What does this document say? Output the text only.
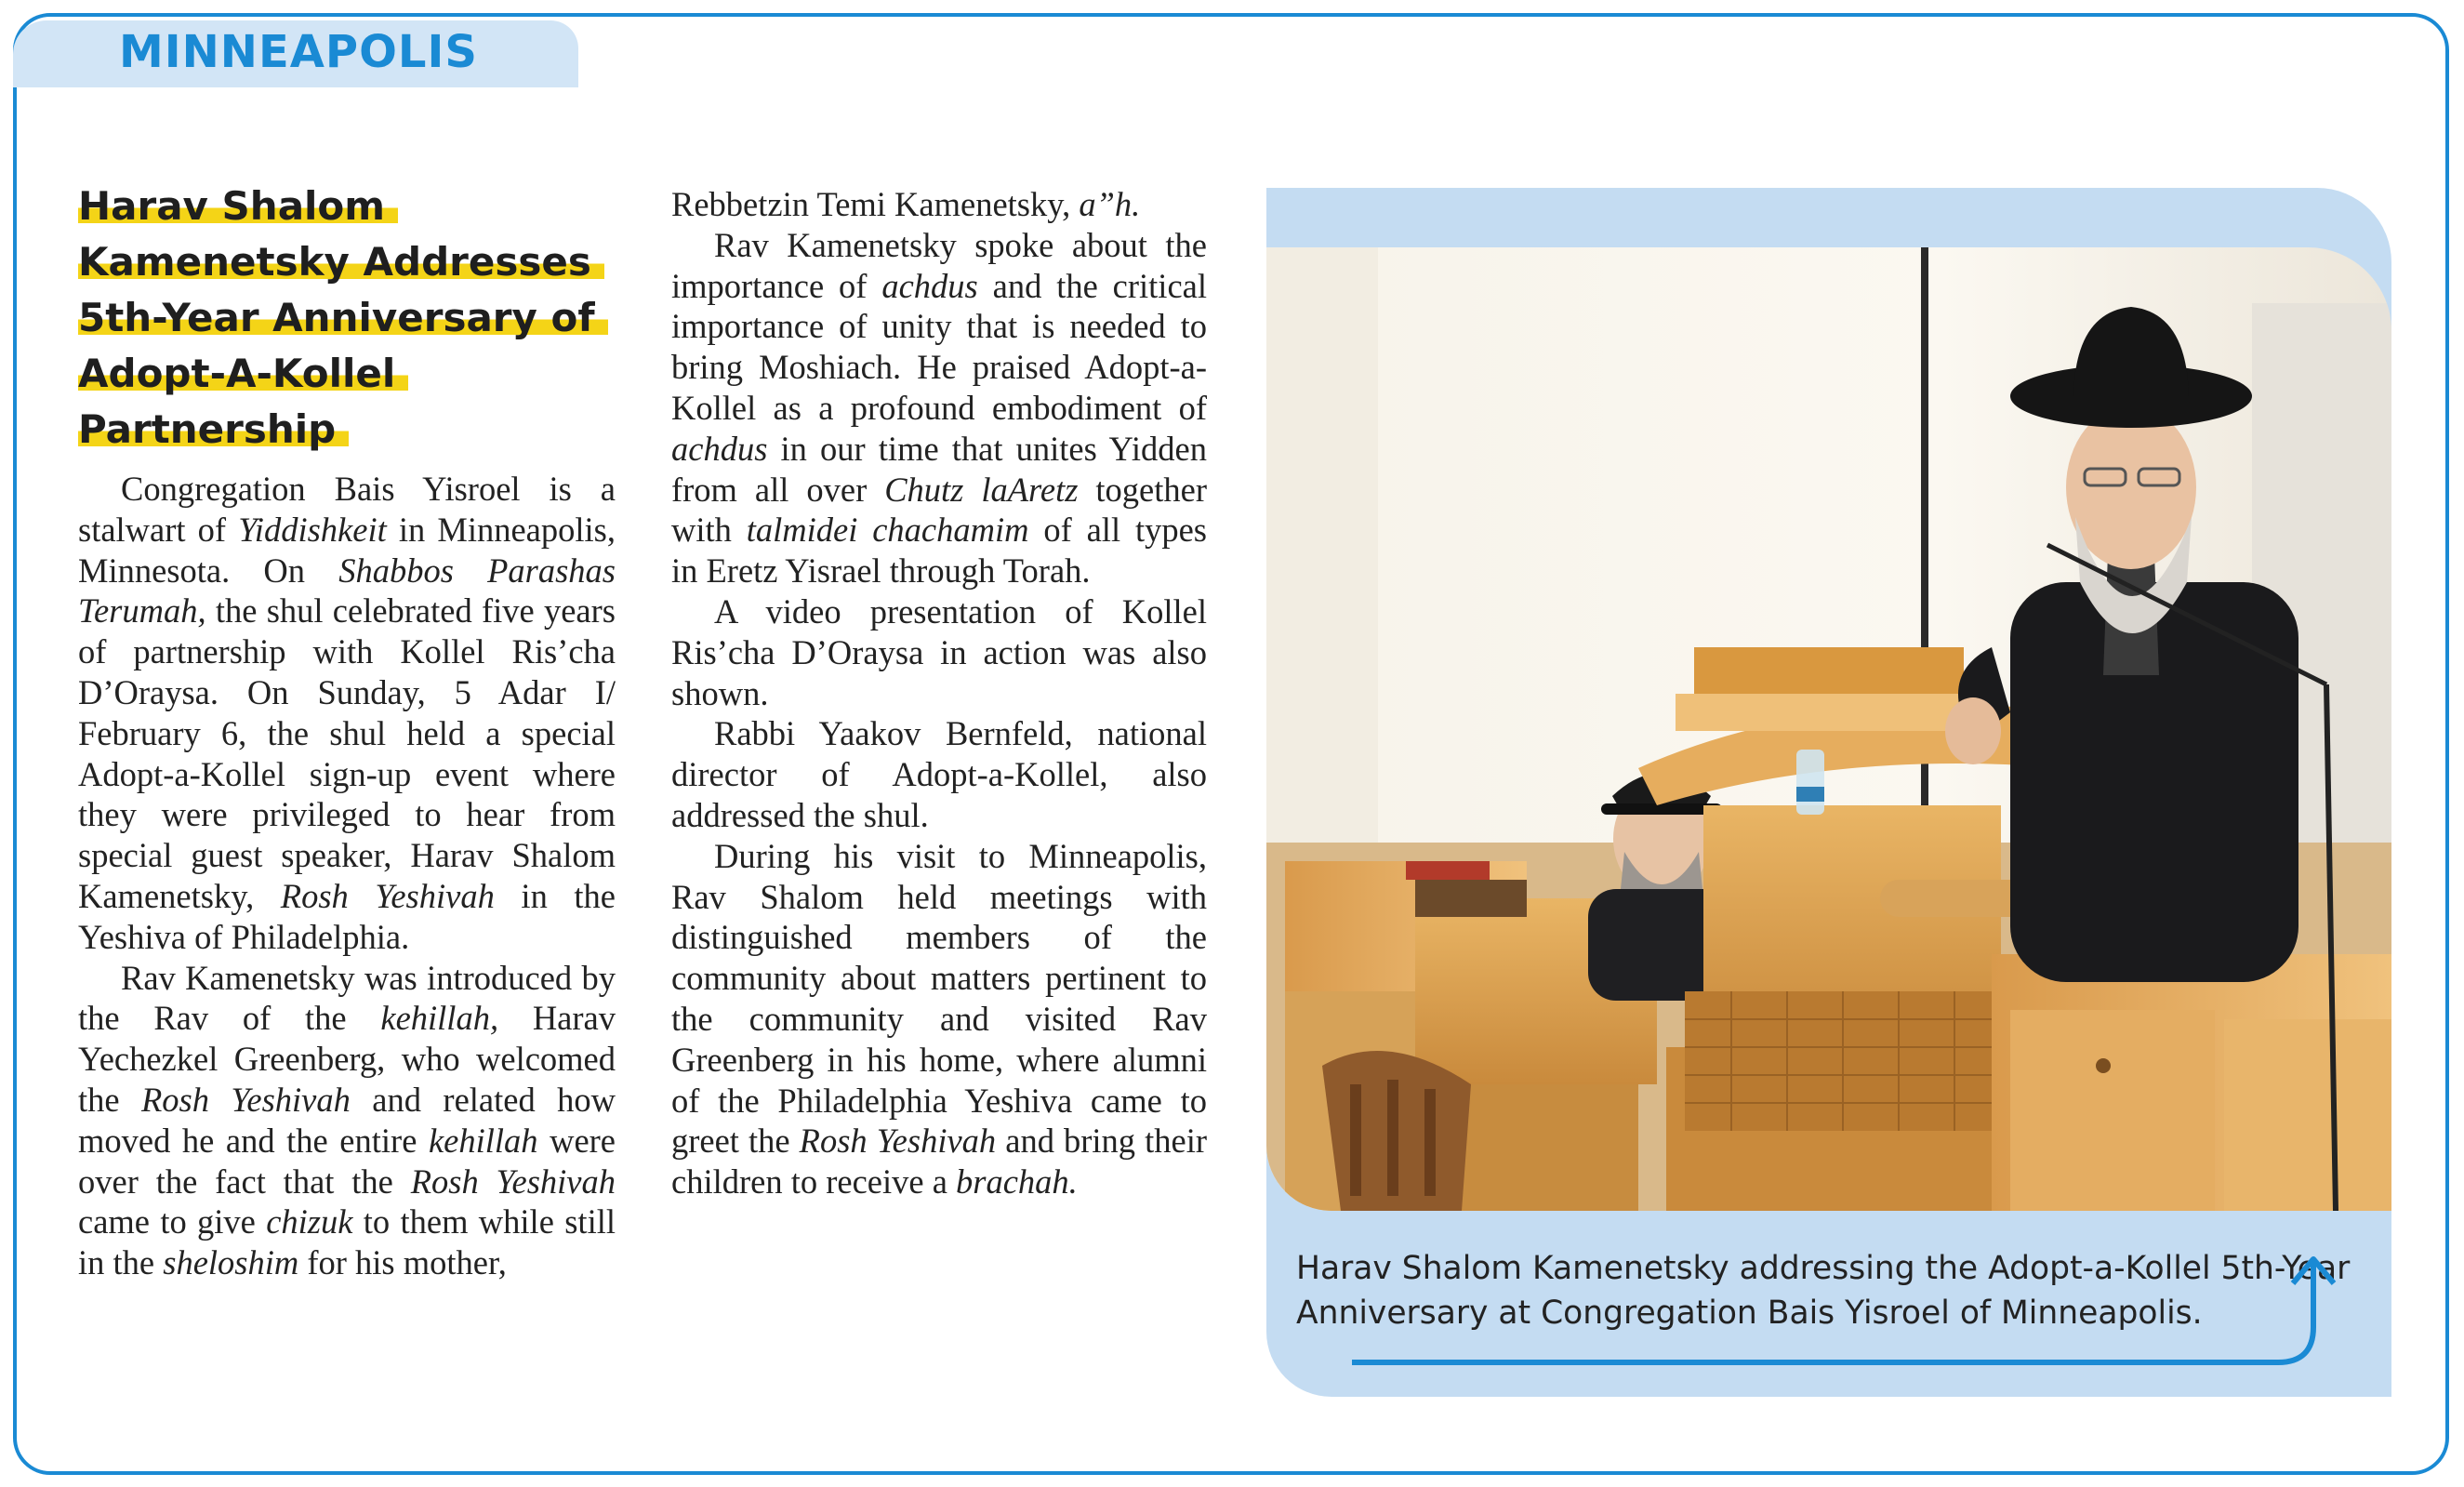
MINNEAPOLIS
Harav Shalom Kamenetsky Addresses 5th-Year Anniversary of Adopt-A-Kollel Partnership

Congregation Bais Yisroel is a stalwart of Yiddishkeit in Minneapolis, Minnesota. On Shabbos Parashas Terumah, the shul celebrated five years of partnership with Kollel Ris’cha D’Oraysa. On Sunday, 5 Adar I/ February 6, the shul held a special Adopt-a-Kollel sign-up event where they were privileged to hear from special guest speaker, Harav Shalom Kamenetsky, Rosh Yeshivah in the Yeshiva of Philadelphia.

Rav Kamenetsky was introduced by the Rav of the kehillah, Harav Yechezkel Greenberg, who welcomed the Rosh Yeshivah and related how moved he and the entire kehillah were over the fact that the Rosh Yeshivah came to give chizuk to them while still in the sheloshim for his mother,

Rebbetzin Temi Kamenetsky, a”h.

Rav Kamenetsky spoke about the importance of achdus and the critical importance of unity that is needed to bring Moshiach. He praised Adopt-a-Kollel as a profound embodiment of achdus in our time that unites Yidden from all over Chutz laAretz together with talmidei chachamim of all types in Eretz Yisrael through Torah.

A video presentation of Kollel Ris’cha D’Oraysa in action was also shown.

Rabbi Yaakov Bernfeld, national director of Adopt-a-Kollel, also addressed the shul.

During his visit to Minneapolis, Rav Shalom held meetings with distinguished members of the community about matters pertinent to the community and visited Rav Greenberg in his home, where alumni of the Philadelphia Yeshiva came to greet the Rosh Yeshivah and bring their children to receive a brachah.

Harav Shalom Kamenetsky addressing the Adopt-a-Kollel 5th-Year Anniversary at Congregation Bais Yisroel of Minneapolis.
